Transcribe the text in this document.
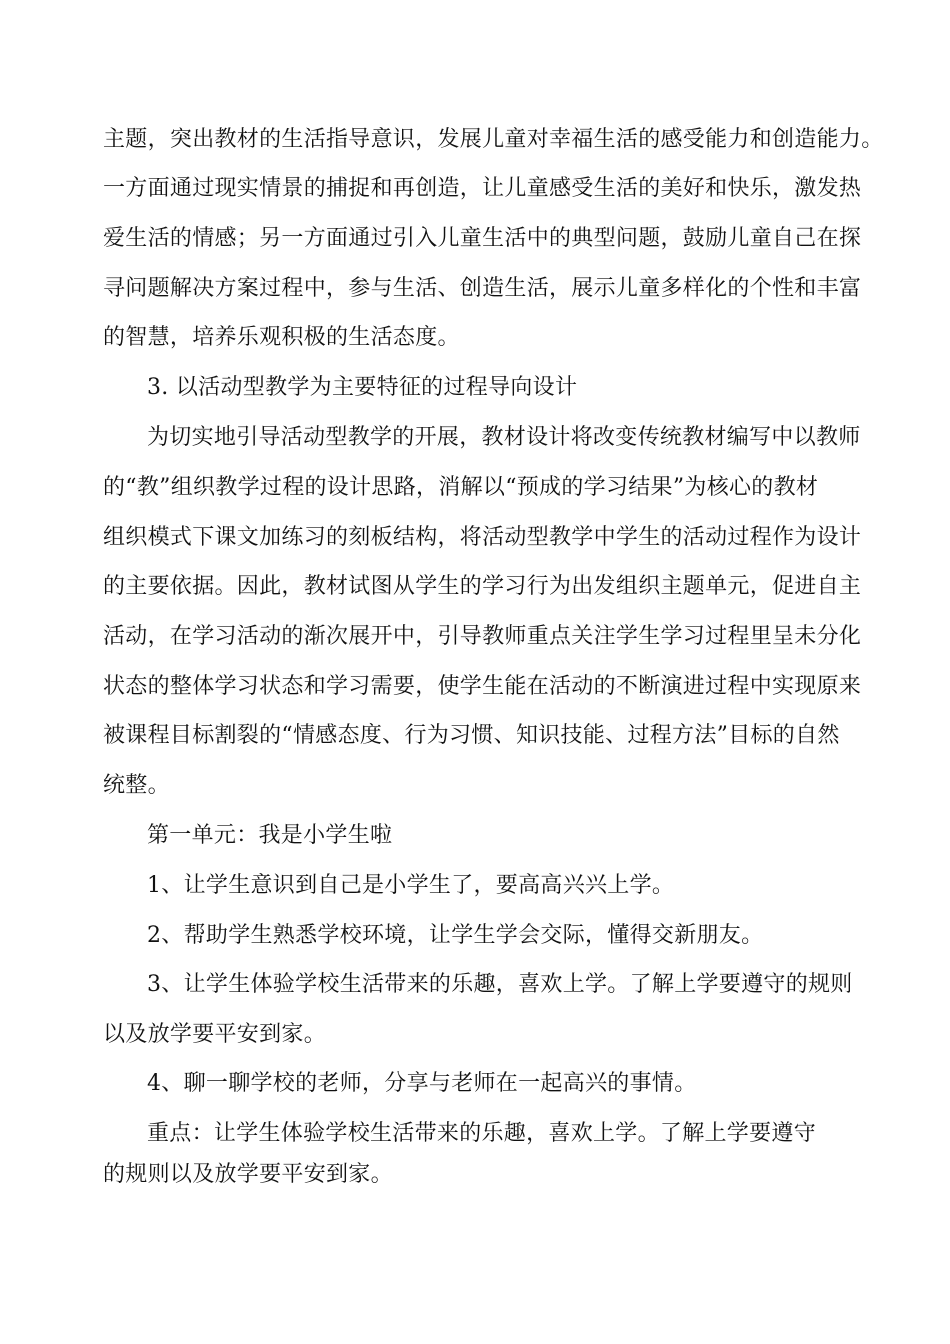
主题，突出教材的生活指导意识，发展儿童对幸福生活的感受能力和创造能力。
一方面通过现实情景的捕捉和再创造，让儿童感受生活的美好和快乐，激发热
爱生活的情感；另一方面通过引入儿童生活中的典型问题，鼓励儿童自己在探
寻问题解决方案过程中，参与生活、创造生活，展示儿童多样化的个性和丰富
的智慧，培养乐观积极的生活态度。
3. 以活动型教学为主要特征的过程导向设计
为切实地引导活动型教学的开展，教材设计将改变传统教材编写中以教师
的“教”组织教学过程的设计思路，消解以“预成的学习结果”为核心的教材
组织模式下课文加练习的刻板结构，将活动型教学中学生的活动过程作为设计
的主要依据。因此，教材试图从学生的学习行为出发组织主题单元，促进自主
活动，在学习活动的渐次展开中，引导教师重点关注学生学习过程里呈未分化
状态的整体学习状态和学习需要，使学生能在活动的不断演进过程中实现原来
被课程目标割裂的“情感态度、行为习惯、知识技能、过程方法”目标的自然
统整。
第一单元：我是小学生啦
1、让学生意识到自己是小学生了，要高高兴兴上学。
2、帮助学生熟悉学校环境，让学生学会交际，懂得交新朋友。
3、让学生体验学校生活带来的乐趣，喜欢上学。了解上学要遵守的规则
以及放学要平安到家。
4、聊一聊学校的老师，分享与老师在一起高兴的事情。
重点：让学生体验学校生活带来的乐趣，喜欢上学。了解上学要遵守
的规则以及放学要平安到家。
